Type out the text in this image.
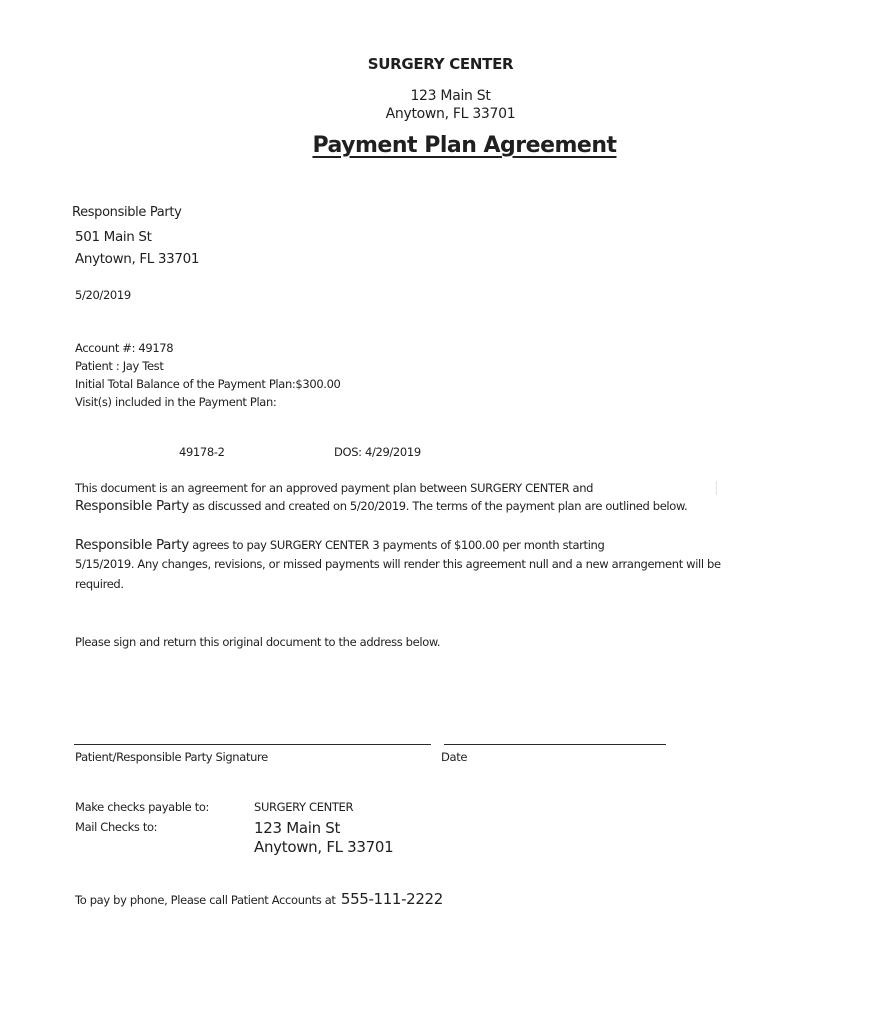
SURGERY CENTER
123 Main St
Anytown, FL 33701
Payment Plan Agreement
Responsible Party
501 Main St
Anytown, FL 33701
5/20/2019
Account #: 49178
Patient : Jay Test
Initial Total Balance of the Payment Plan:$300.00
Visit(s) included in the Payment Plan:
49178-2	DOS: 4/29/2019
This document is an agreement for an approved payment plan between SURGERY CENTER and
Responsible Party as discussed and created on 5/20/2019. The terms of the payment plan are outlined below.
Responsible Party agrees to pay SURGERY CENTER 3 payments of $100.00 per month starting
5/15/2019. Any changes, revisions, or missed payments will render this agreement null and a new arrangement will be
required.
Please sign and return this original document to the address below.
Patient/Responsible Party Signature	Date
Make checks payable to:	SURGERY CENTER
Mail Checks to:	123 Main St
Anytown, FL 33701
To pay by phone, Please call Patient Accounts at 555-111-2222
